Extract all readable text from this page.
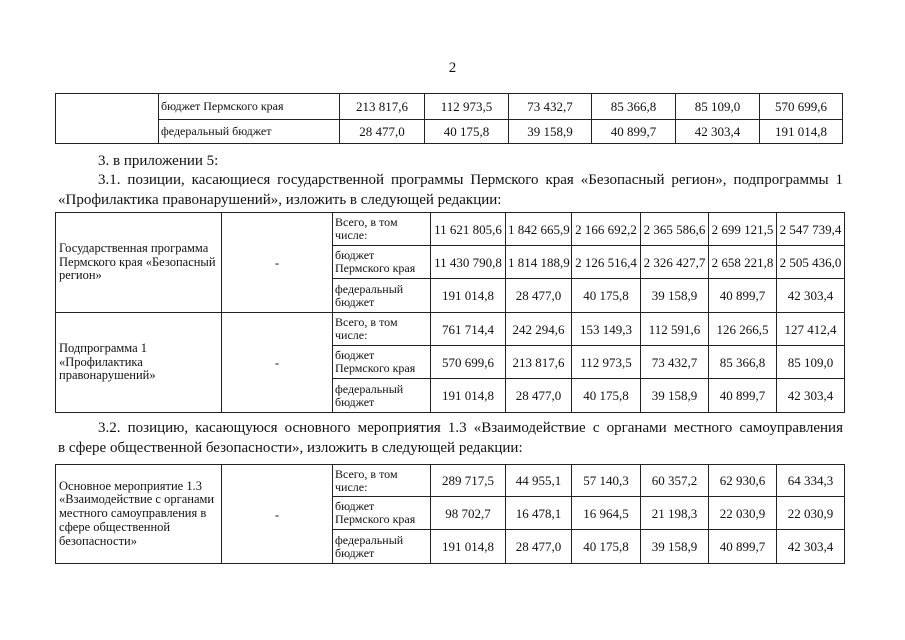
2
	бюджет Пермского края	213 817,6	112 973,5	73 432,7	85 366,8	85 109,0	570 699,6
	федеральный бюджет	28 477,0	40 175,8	39 158,9	40 899,7	42 303,4	191 014,8
3. в приложении 5:
3.1. позиции, касающиеся государственной программы Пермского края «Безопасный регион», подпрограммы 1
«Профилактика правонарушений», изложить в следующей редакции:
Государственная программа Пермского края «Безопасный регион»	-	Всего, в том числе:	11 621 805,6	1 842 665,9	2 166 692,2	2 365 586,6	2 699 121,5	2 547 739,4
		бюджет Пермского края	11 430 790,8	1 814 188,9	2 126 516,4	2 326 427,7	2 658 221,8	2 505 436,0
		федеральный бюджет	191 014,8	28 477,0	40 175,8	39 158,9	40 899,7	42 303,4
Подпрограмма 1 «Профилактика правонарушений»	-	Всего, в том числе:	761 714,4	242 294,6	153 149,3	112 591,6	126 266,5	127 412,4
		бюджет Пермского края	570 699,6	213 817,6	112 973,5	73 432,7	85 366,8	85 109,0
		федеральный бюджет	191 014,8	28 477,0	40 175,8	39 158,9	40 899,7	42 303,4
3.2. позицию, касающуюся основного мероприятия 1.3 «Взаимодействие с органами местного самоуправления
в сфере общественной безопасности», изложить в следующей редакции:
Основное мероприятие 1.3 «Взаимодействие с органами местного самоуправления в сфере общественной безопасности»	-	Всего, в том числе:	289 717,5	44 955,1	57 140,3	60 357,2	62 930,6	64 334,3
		бюджет Пермского края	98 702,7	16 478,1	16 964,5	21 198,3	22 030,9	22 030,9
		федеральный бюджет	191 014,8	28 477,0	40 175,8	39 158,9	40 899,7	42 303,4
